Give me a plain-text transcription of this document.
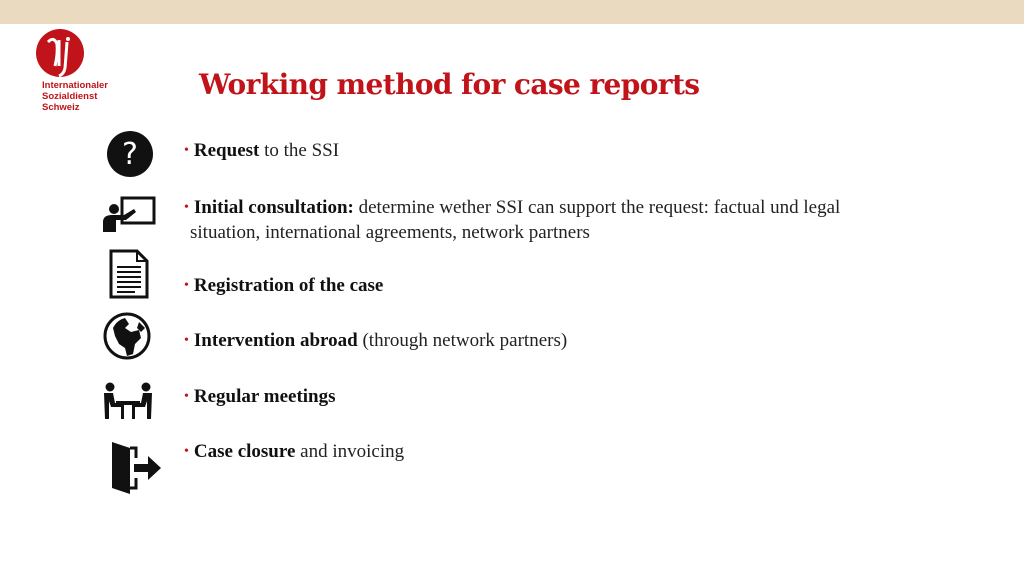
Internationaler
Sozialdienst
Schweiz
Working method for case reports
?	• Request to the SSI
• Initial consultation: determine wether SSI can support the request: factual und legal
situation, international agreements, network partners
• Registration of the case
• Intervention abroad (through network partners)
• Regular meetings
• Case closure and invoicing
